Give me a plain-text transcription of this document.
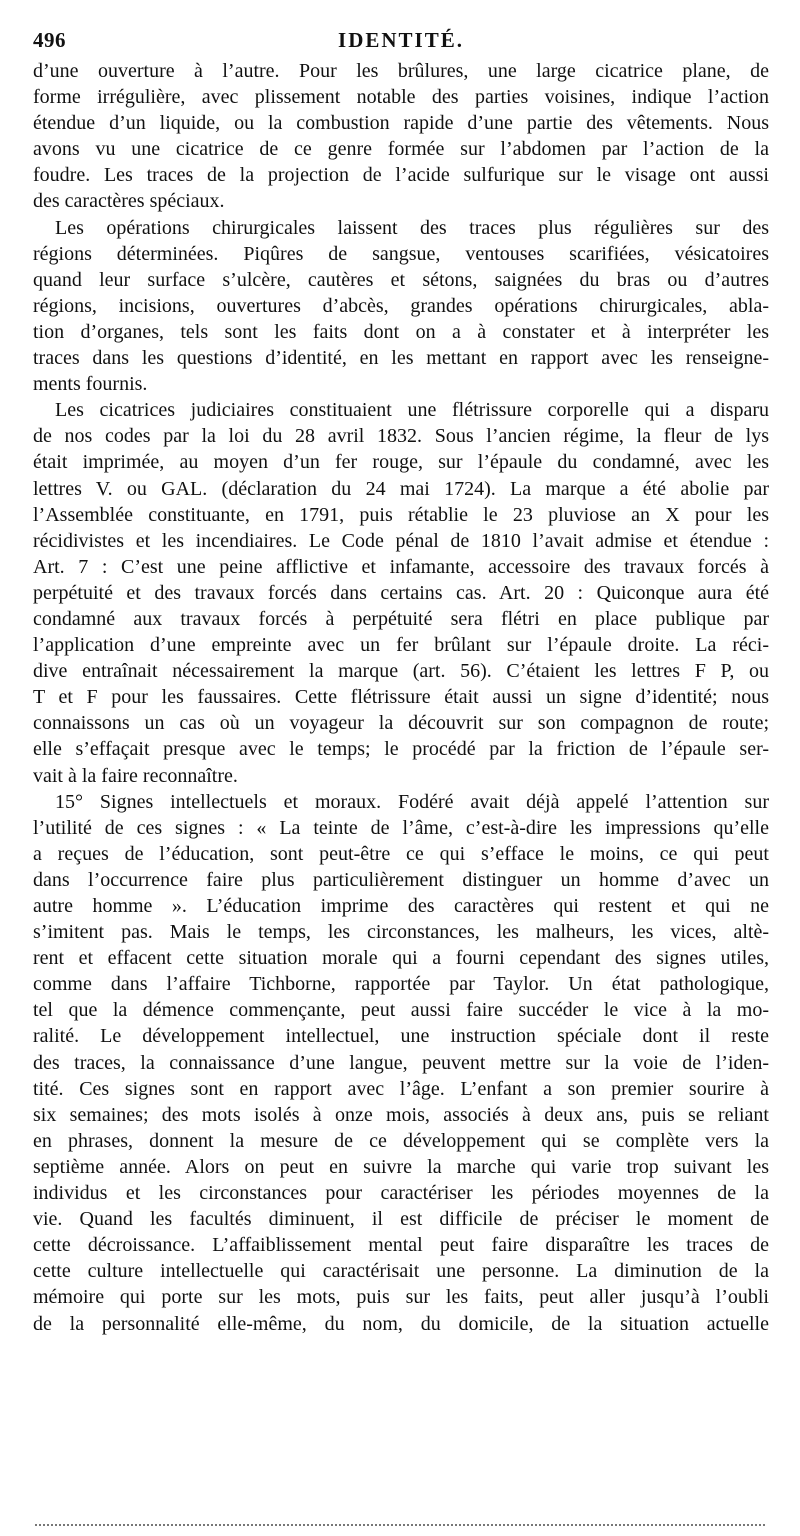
496	IDENTITÉ.
d’une ouverture à l’autre. Pour les brûlures, une large cicatrice plane, de
forme irrégulière, avec plissement notable des parties voisines, indique l’action
étendue d’un liquide, ou la combustion rapide d’une partie des vêtements. Nous
avons vu une cicatrice de ce genre formée sur l’abdomen par l’action de la
foudre. Les traces de la projection de l’acide sulfurique sur le visage ont aussi
des caractères spéciaux.
Les opérations chirurgicales laissent des traces plus régulières sur des
régions déterminées. Piqûres de sangsue, ventouses scarifiées, vésicatoires
quand leur surface s’ulcère, cautères et sétons, saignées du bras ou d’autres
régions, incisions, ouvertures d’abcès, grandes opérations chirurgicales, abla-
tion d’organes, tels sont les faits dont on a à constater et à interpréter les
traces dans les questions d’identité, en les mettant en rapport avec les renseigne-
ments fournis.
Les cicatrices judiciaires constituaient une flétrissure corporelle qui a disparu
de nos codes par la loi du 28 avril 1832. Sous l’ancien régime, la fleur de lys
était imprimée, au moyen d’un fer rouge, sur l’épaule du condamné, avec les
lettres V. ou GAL. (déclaration du 24 mai 1724). La marque a été abolie par
l’Assemblée constituante, en 1791, puis rétablie le 23 pluviose an X pour les
récidivistes et les incendiaires. Le Code pénal de 1810 l’avait admise et étendue :
Art. 7 : C’est une peine afflictive et infamante, accessoire des travaux forcés à
perpétuité et des travaux forcés dans certains cas. Art. 20 : Quiconque aura été
condamné aux travaux forcés à perpétuité sera flétri en place publique par
l’application d’une empreinte avec un fer brûlant sur l’épaule droite. La réci-
dive entraînait nécessairement la marque (art. 56). C’étaient les lettres F P, ou
T et F pour les faussaires. Cette flétrissure était aussi un signe d’identité; nous
connaissons un cas où un voyageur la découvrit sur son compagnon de route;
elle s’effaçait presque avec le temps; le procédé par la friction de l’épaule ser-
vait à la faire reconnaître.
15° Signes intellectuels et moraux. Fodéré avait déjà appelé l’attention sur
l’utilité de ces signes : « La teinte de l’âme, c’est-à-dire les impressions qu’elle
a reçues de l’éducation, sont peut-être ce qui s’efface le moins, ce qui peut
dans l’occurrence faire plus particulièrement distinguer un homme d’avec un
autre homme ». L’éducation imprime des caractères qui restent et qui ne
s’imitent pas. Mais le temps, les circonstances, les malheurs, les vices, altè-
rent et effacent cette situation morale qui a fourni cependant des signes utiles,
comme dans l’affaire Tichborne, rapportée par Taylor. Un état pathologique,
tel que la démence commençante, peut aussi faire succéder le vice à la mo-
ralité. Le développement intellectuel, une instruction spéciale dont il reste
des traces, la connaissance d’une langue, peuvent mettre sur la voie de l’iden-
tité. Ces signes sont en rapport avec l’âge. L’enfant a son premier sourire à
six semaines; des mots isolés à onze mois, associés à deux ans, puis se reliant
en phrases, donnent la mesure de ce développement qui se complète vers la
septième année. Alors on peut en suivre la marche qui varie trop suivant les
individus et les circonstances pour caractériser les périodes moyennes de la
vie. Quand les facultés diminuent, il est difficile de préciser le moment de
cette décroissance. L’affaiblissement mental peut faire disparaître les traces de
cette culture intellectuelle qui caractérisait une personne. La diminution de la
mémoire qui porte sur les mots, puis sur les faits, peut aller jusqu’à l’oubli
de la personnalité elle-même, du nom, du domicile, de la situation actuelle
